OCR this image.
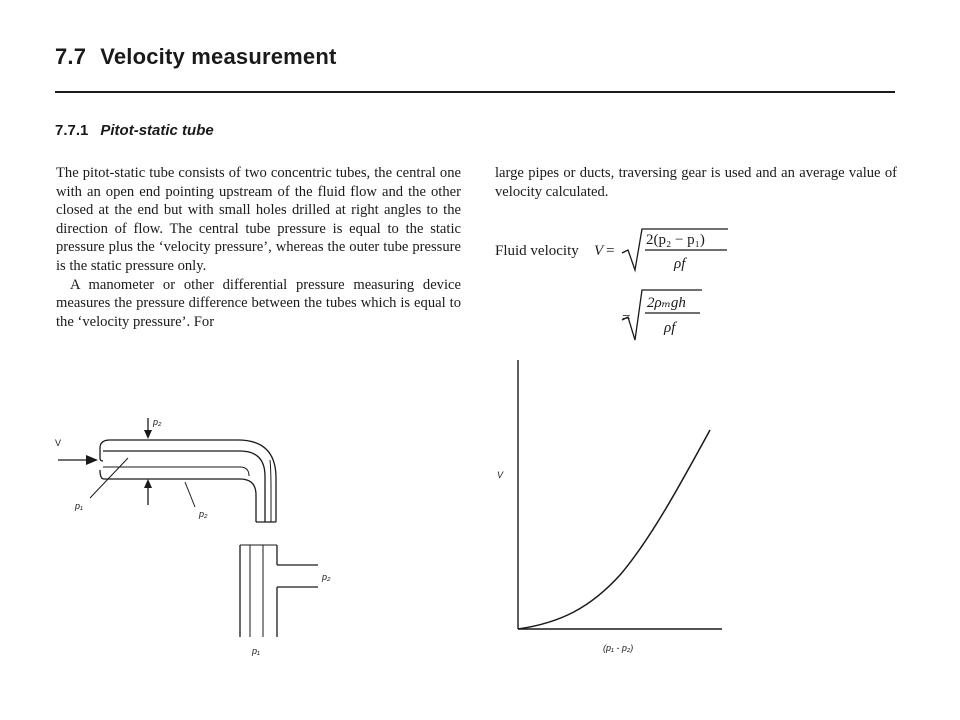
7.7 Velocity measurement
7.7.1 Pitot-static tube

The pitot-static tube consists of two concentric tubes, the central one with an open end pointing upstream of the fluid flow and the other closed at the end but with small holes drilled at right angles to the direction of flow. The central tube pressure is equal to the static pressure plus the ‘velocity pressure’, whereas the outer tube pressure is the static pressure only.

A manometer or other differential pressure measuring device measures the pressure difference between the tubes which is equal to the ‘velocity pressure’. For

large pipes or ducts, traversing gear is used and an average value of velocity calculated.

Fluid velocity V =
2(p₂ − p₁)
ρf
=
2ρₘgh
ρf
V
p₂
p₁
p₂
p₂
p₁
V
(p₁ - p₂)
